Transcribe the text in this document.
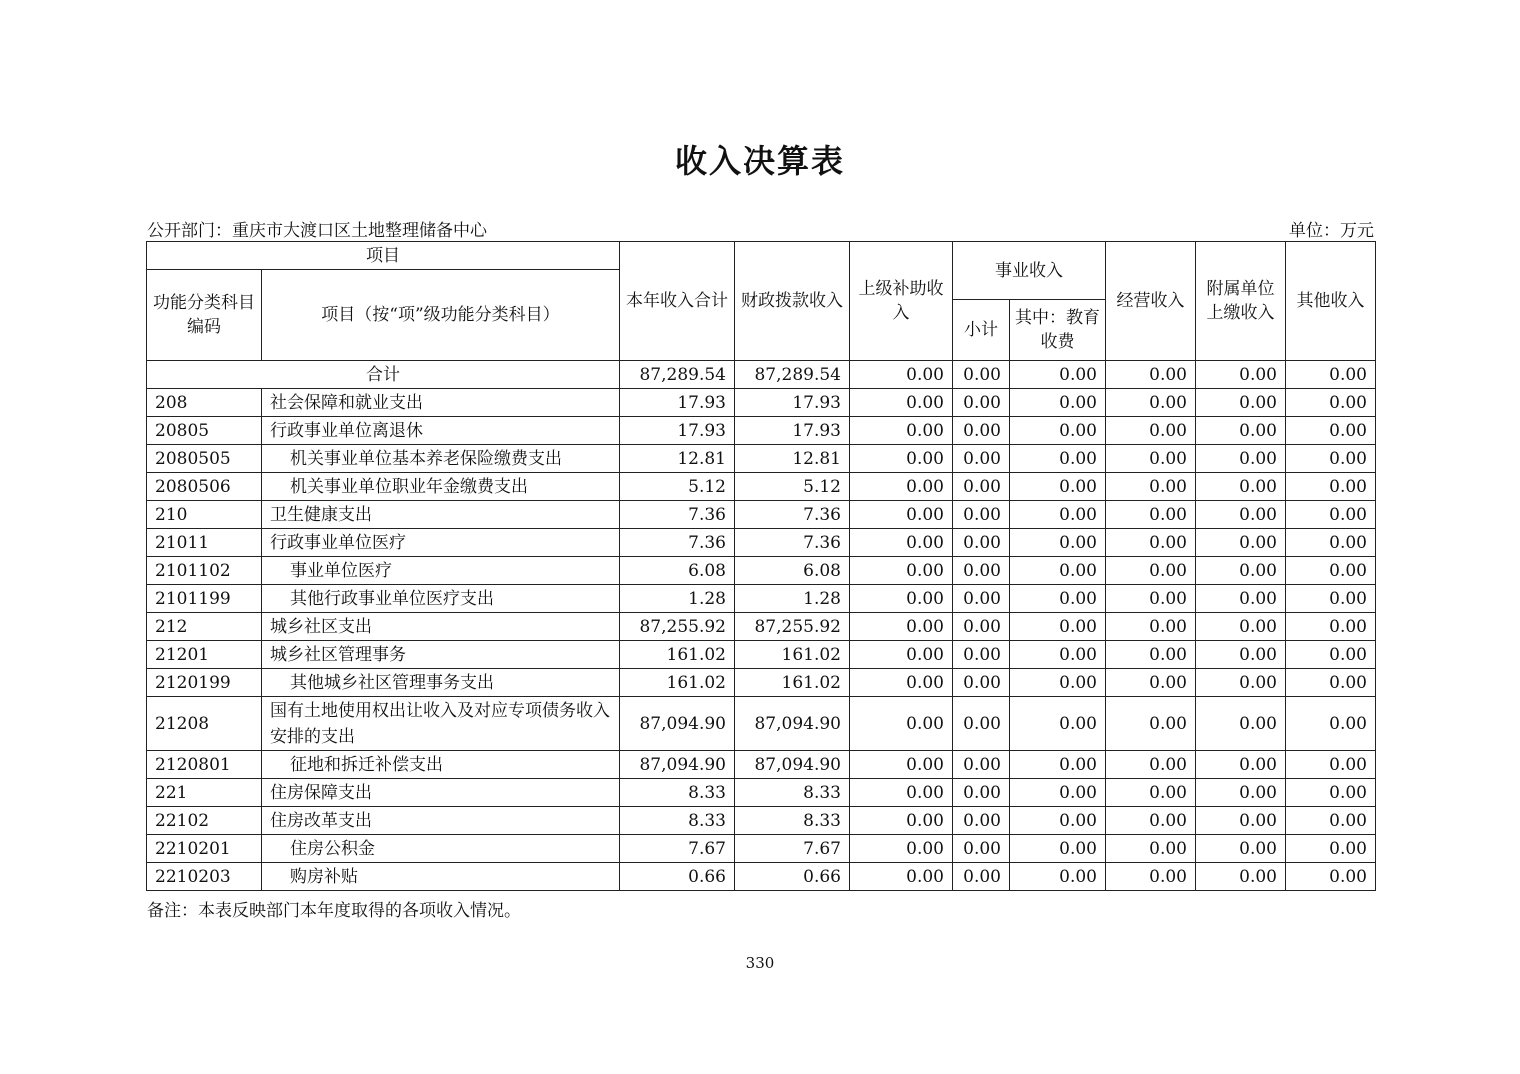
收入决算表
公开部门：重庆市大渡口区土地整理储备中心	单位：万元
项目		本年收入合计	财政拨款收入	上级补助收入	事业收入		经营收入	附属单位上缴收入	其他收入
功能分类科目编码	项目（按“项”级功能分类科目）								
					小计	其中：教育收费			
合计		87,289.54	87,289.54	0.00	0.00	0.00	0.00	0.00	0.00
208	社会保障和就业支出	17.93	17.93	0.00	0.00	0.00	0.00	0.00	0.00
20805	行政事业单位离退休	17.93	17.93	0.00	0.00	0.00	0.00	0.00	0.00
2080505	机关事业单位基本养老保险缴费支出	12.81	12.81	0.00	0.00	0.00	0.00	0.00	0.00
2080506	机关事业单位职业年金缴费支出	5.12	5.12	0.00	0.00	0.00	0.00	0.00	0.00
210	卫生健康支出	7.36	7.36	0.00	0.00	0.00	0.00	0.00	0.00
21011	行政事业单位医疗	7.36	7.36	0.00	0.00	0.00	0.00	0.00	0.00
2101102	事业单位医疗	6.08	6.08	0.00	0.00	0.00	0.00	0.00	0.00
2101199	其他行政事业单位医疗支出	1.28	1.28	0.00	0.00	0.00	0.00	0.00	0.00
212	城乡社区支出	87,255.92	87,255.92	0.00	0.00	0.00	0.00	0.00	0.00
21201	城乡社区管理事务	161.02	161.02	0.00	0.00	0.00	0.00	0.00	0.00
2120199	其他城乡社区管理事务支出	161.02	161.02	0.00	0.00	0.00	0.00	0.00	0.00
21208	国有土地使用权出让收入及对应专项债务收入安排的支出	87,094.90	87,094.90	0.00	0.00	0.00	0.00	0.00	0.00
2120801	征地和拆迁补偿支出	87,094.90	87,094.90	0.00	0.00	0.00	0.00	0.00	0.00
221	住房保障支出	8.33	8.33	0.00	0.00	0.00	0.00	0.00	0.00
22102	住房改革支出	8.33	8.33	0.00	0.00	0.00	0.00	0.00	0.00
2210201	住房公积金	7.67	7.67	0.00	0.00	0.00	0.00	0.00	0.00
2210203	购房补贴	0.66	0.66	0.00	0.00	0.00	0.00	0.00	0.00
备注：本表反映部门本年度取得的各项收入情况。
330
